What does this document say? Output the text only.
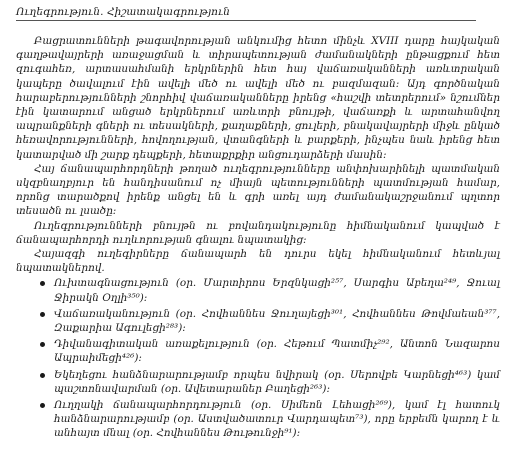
Ուղեգրություն. Հիշատակագրություն

Բացրատունների թագավորության անկումից հետո մինչև XVIII դարը հայկական գաղթավայրերի առաջացման և տիրապետության ժամանակների ընթացքում հետ զուգահեռ, արտասահմանի երկրներին հետ հայ վաճառականների առևտրական կապերը ծավալում էին ավելի մեծ ու ավելի մեծ ու բազմազան։ Այդ գործնական հարաբերությունների շնորհիվ վաճառականները իրենց «հաշվի տետրերում» նշումներ էին կատարում անցած երկրներում առևտրի բնույթի, վաճառքի և արտահանվող ապրանքների գների ու տեսակների, քաղաքների, ցուլերի, բնակավայրերի միջև ընկած հեռավորությունների, հովողության, վտանգների և բարքերի, ինչպես նաև իրենց հետ կատարված մի շարք դեպքերի, հետաքրքիր անցուդարձերի մասին։

Հայ ճանապարհորդների թողած ուղեգրությունները անփոխարինելի պատմական սկզբնաղբյուր են հանդիսանում ոչ միայն պետությունների պատմության համար, որոնց տարածքով իրենք անցել են և գրի առել այդ ժամանակաշրջանում պղտոր տեսածն ու լսածը։

Ուղեգրությունների բնույթն ու բովանդակությունը հիմնականում կապված է ճանապարհորդի ուղևորության գնալու նպատակից։

Հայազգի ուղեգիրները ճանապարհ են դուրս եկել հիմնականում հետևյալ նպատակներով.

Ուխտագնացություն (օր. Մարտիրոս Երզնկացի²⁵⁷, Սարգիս Աբեղա²⁴⁹, Ջուալ Ջիրակն Օղլի³⁵⁰)։
Վաճառականություն (օր. Հովհաննես Ջուղայեցի³⁰¹, Հովհաննես Թովմաեան³⁷⁷, Զաքարիա Ագուլեցի²⁸³)։
Դիվանագիտական առաքելություն (օր. Հեթում Պատմիչ²⁹², Անտոն Նազարոս Ապրաիմեցի⁴²⁶)։
Եկեղեցու հանձնարարությամբ որպես նվիրակ (օր. Սերովբե Կարնեցի⁴⁶³) կամ պաշտոնավարման (օր. Ավետարաներ Բաղեցի²⁶³)։
Ուղղակի ճանապարհորդություն (օր. Սիմեոն Լեհացի²⁶⁹), կամ էլ հատուկ հանձնարարությամբ (օր. Աստվածատուր Վարդապետ⁷³), որը երբեմն կարող է և անհայտ մնալ (օր. Հովհաննես Թութունջի⁹¹)։
